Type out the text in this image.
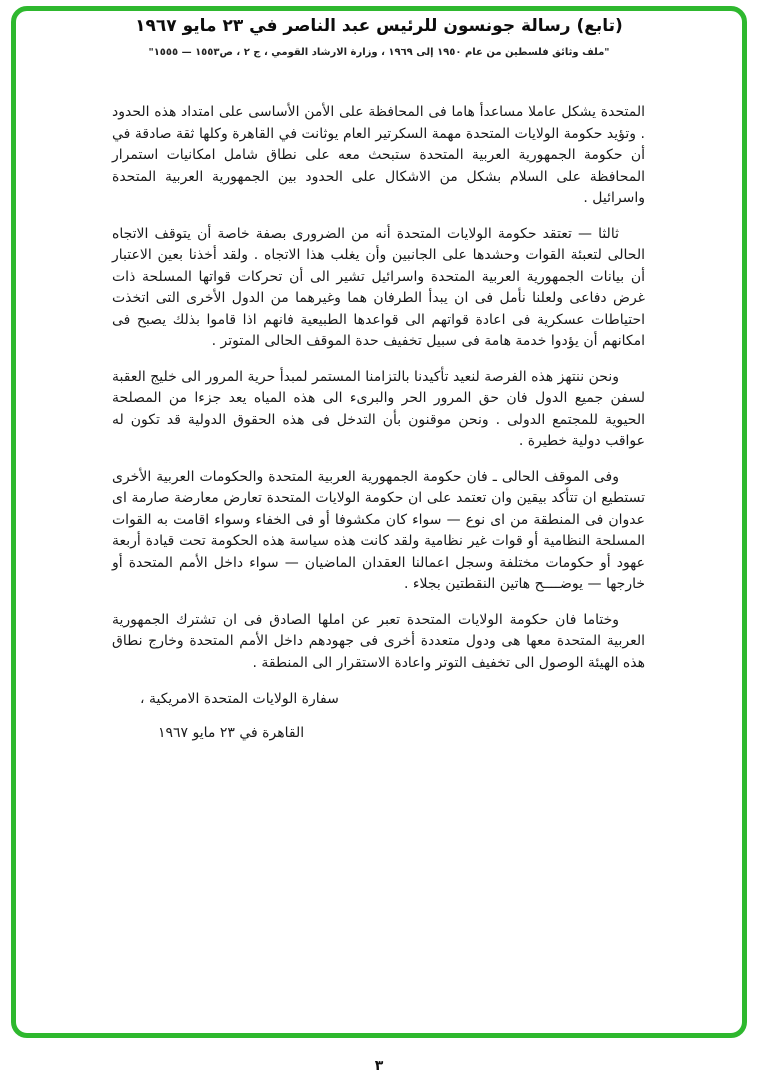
(تابع) رسالة جونسون للرئيس عبد الناصر في ٢٣ مايو ١٩٦٧
"ملف وثائق فلسطين من عام ١٩٥٠ إلى ١٩٦٩ ، وزارة الارشاد القومي ، ج ٢ ، ص١٥٥٣ — ١٥٥٥"

المتحدة يشكل عاملا مساعدأ هاما فى المحافظة على الأمن الأساسى على امتداد هذه الحدود . وتؤيد حكومة الولايات المتحدة مهمة السكرتير العام يوثانت في القاهرة وكلها ثقة صادقة في أن حكومة الجمهورية العربية المتحدة ستبحث معه على نطاق شامل امكانيات استمرار المحافظة على السلام بشكل من الاشكال على الحدود بين الجمهورية العربية المتحدة واسرائيل .

ثالثا — تعتقد حكومة الولايات المتحدة أنه من الضرورى بصفة خاصة أن يتوقف الاتجاه الحالى لتعبئة القوات وحشدها على الجانبين وأن يغلب هذا الاتجاه . ولقد أخذنا بعين الاعتبار أن بيانات الجمهورية العربية المتحدة واسرائيل تشير الى أن تحركات قواتها المسلحة ذات غرض دفاعى ولعلنا نأمل فى ان يبدأ الطرفان هما وغيرهما من الدول الأخرى التى اتخذت احتياطات عسكرية فى اعادة قواتهم الى قواعدها الطبيعية فانهم اذا قاموا بذلك يصبح فى امكانهم أن يؤدوا خدمة هامة فى سبيل تخفيف حدة الموقف الحالى المتوتر .

ونحن ننتهز هذه الفرصة لنعيد تأكيدنا بالتزامنا المستمر لمبدأ حرية المرور الى خليج العقبة لسفن جميع الدول فان حق المرور الحر والبرىء الى هذه المياه يعد جزءا من المصلحة الحيوية للمجتمع الدولى . ونحن موقنون بأن التدخل فى هذه الحقوق الدولية قد تكون له عواقب دولية خطيرة .

وفى الموقف الحالى ـ فان حكومة الجمهورية العربية المتحدة والحكومات العربية الأخرى تستطيع ان تتأكد بيقين وان تعتمد على ان حكومة الولايات المتحدة تعارض معارضة صارمة اى عدوان فى المنطقة من اى نوع — سواء كان مكشوفا أو فى الخفاء وسواء اقامت به القوات المسلحة النظامية أو قوات غير نظامية ولقد كانت هذه سياسة هذه الحكومة تحت قيادة أربعة عهود أو حكومات مختلفة وسجل اعمالنا العقدان الماضيان — سواء داخل الأمم المتحدة أو خارجها — يوضــــح هاتين النقطتين بجلاء .

وختاما فان حكومة الولايات المتحدة تعبر عن املها الصادق فى ان تشترك الجمهورية العربية المتحدة معها هى ودول متعددة أخرى فى جهودهم داخل الأمم المتحدة وخارج نطاق هذه الهيئة الوصول الى تخفيف التوتر واعادة الاستقرار الى المنطقة .

سفارة الولايات المتحدة الامريكية ،
القاهرة في ٢٣ مايو ١٩٦٧
٣
